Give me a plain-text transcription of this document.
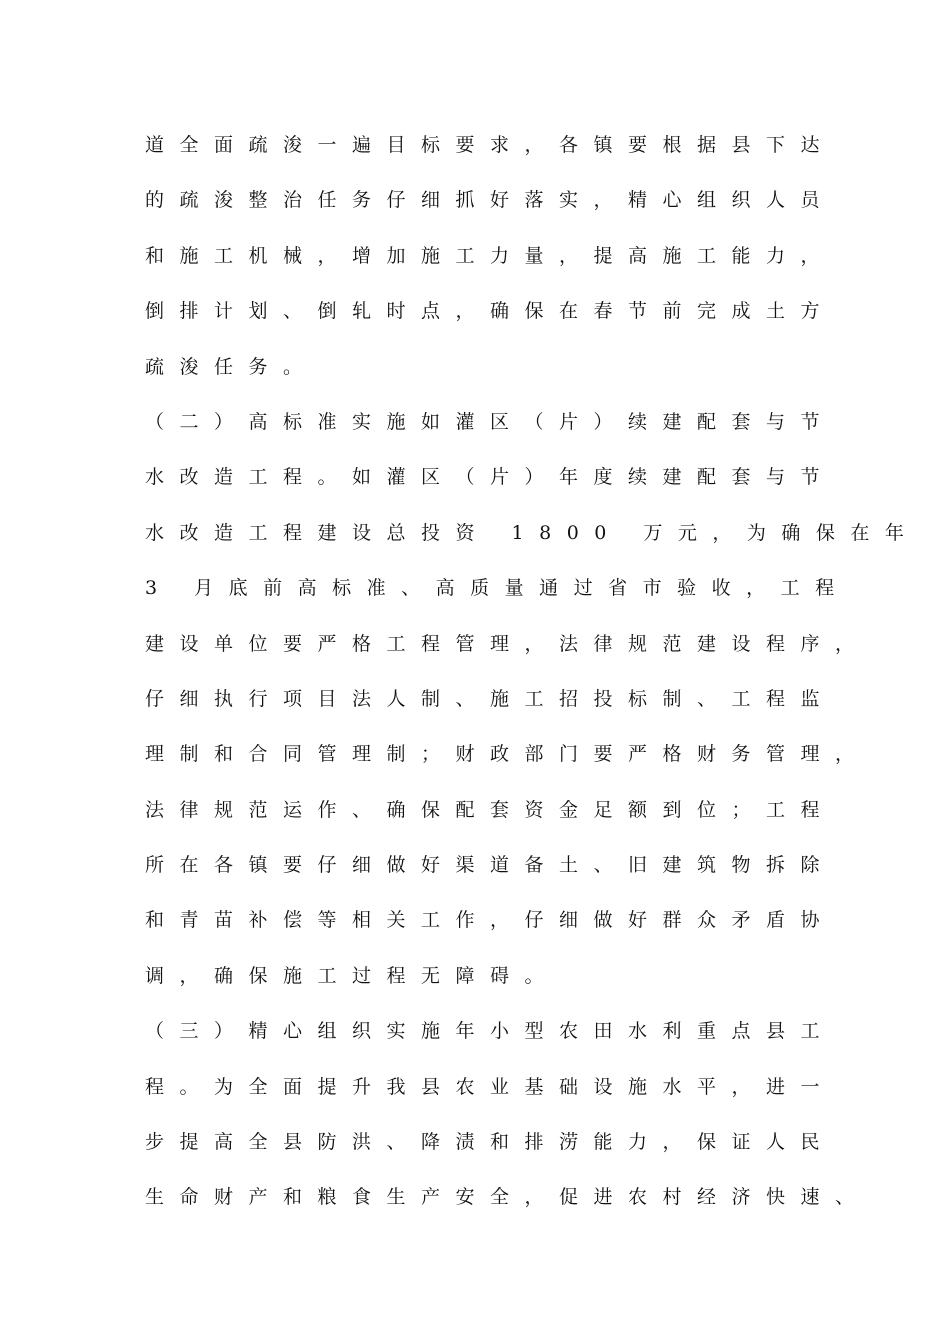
道全面疏浚一遍目标要求，各镇要根据县下达
的疏浚整治任务仔细抓好落实，精心组织人员
和施工机械，增加施工力量，提高施工能力，
倒排计划、倒轧时点，确保在春节前完成土方
疏浚任务。
（二）高标准实施如灌区（片）续建配套与节
水改造工程。如灌区（片）年度续建配套与节
水改造工程建设总投资 1800 万元，为确保在年
3 月底前高标准、高质量通过省市验收，工程
建设单位要严格工程管理，法律规范建设程序，
仔细执行项目法人制、施工招投标制、工程监
理制和合同管理制；财政部门要严格财务管理，
法律规范运作、确保配套资金足额到位；工程
所在各镇要仔细做好渠道备土、旧建筑物拆除
和青苗补偿等相关工作，仔细做好群众矛盾协
调，确保施工过程无障碍。
（三）精心组织实施年小型农田水利重点县工
程。为全面提升我县农业基础设施水平，进一
步提高全县防洪、降渍和排涝能力，保证人民
生命财产和粮食生产安全，促进农村经济快速、
